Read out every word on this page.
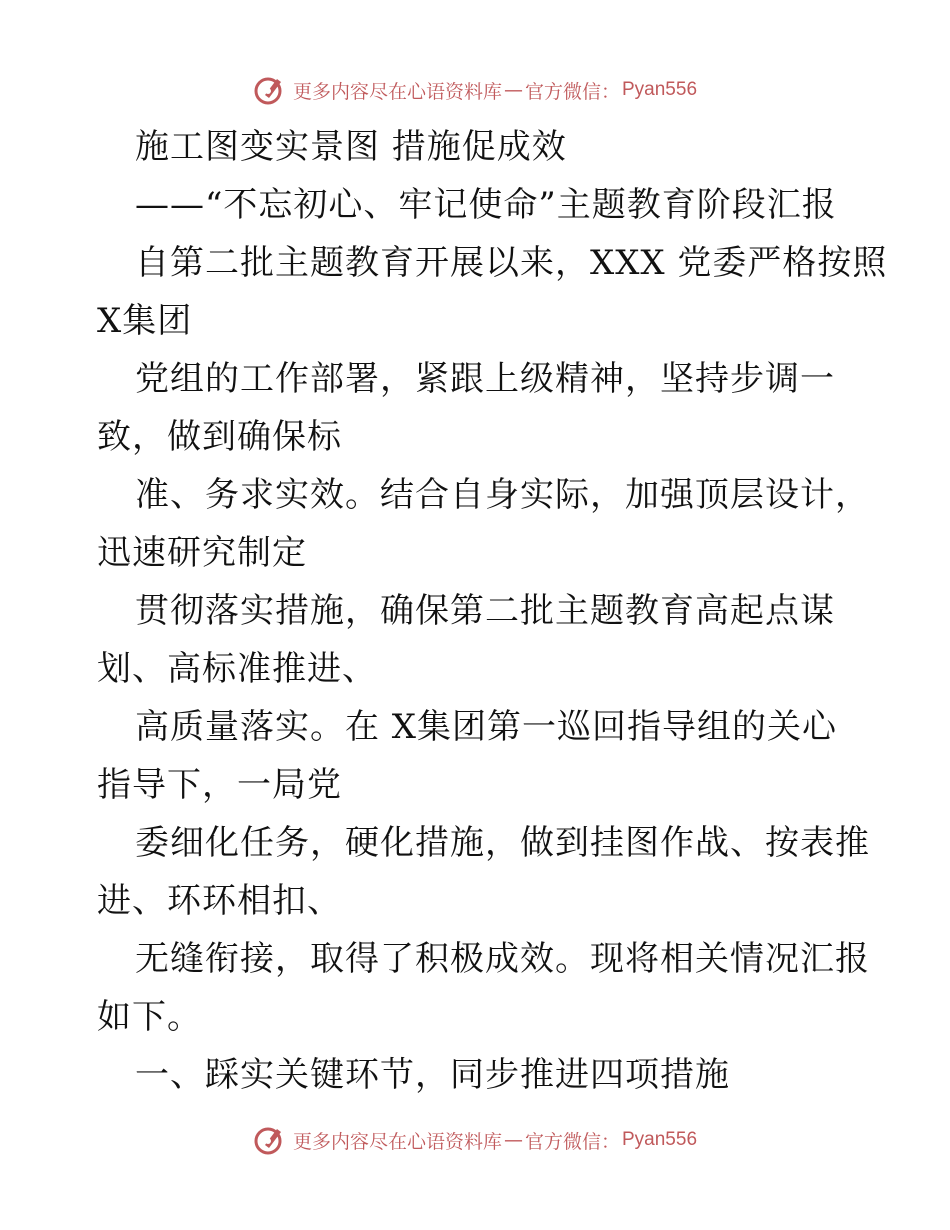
更多内容尽在心语资料库 — 官方微信： Pyan556
施工图变实景图 措施促成效
——“不忘初心、牢记使命”主题教育阶段汇报
自第二批主题教育开展以来，XXX 党委严格按照
X集团
党组的工作部署，紧跟上级精神，坚持步调一
致，做到确保标
准、务求实效。结合自身实际，加强顶层设计，
迅速研究制定
贯彻落实措施，确保第二批主题教育高起点谋
划、高标准推进、
高质量落实。在 X集团第一巡回指导组的关心
指导下，一局党
委细化任务，硬化措施，做到挂图作战、按表推
进、环环相扣、
无缝衔接，取得了积极成效。现将相关情况汇报
如下。
一、踩实关键环节，同步推进四项措施
更多内容尽在心语资料库 — 官方微信： Pyan556
